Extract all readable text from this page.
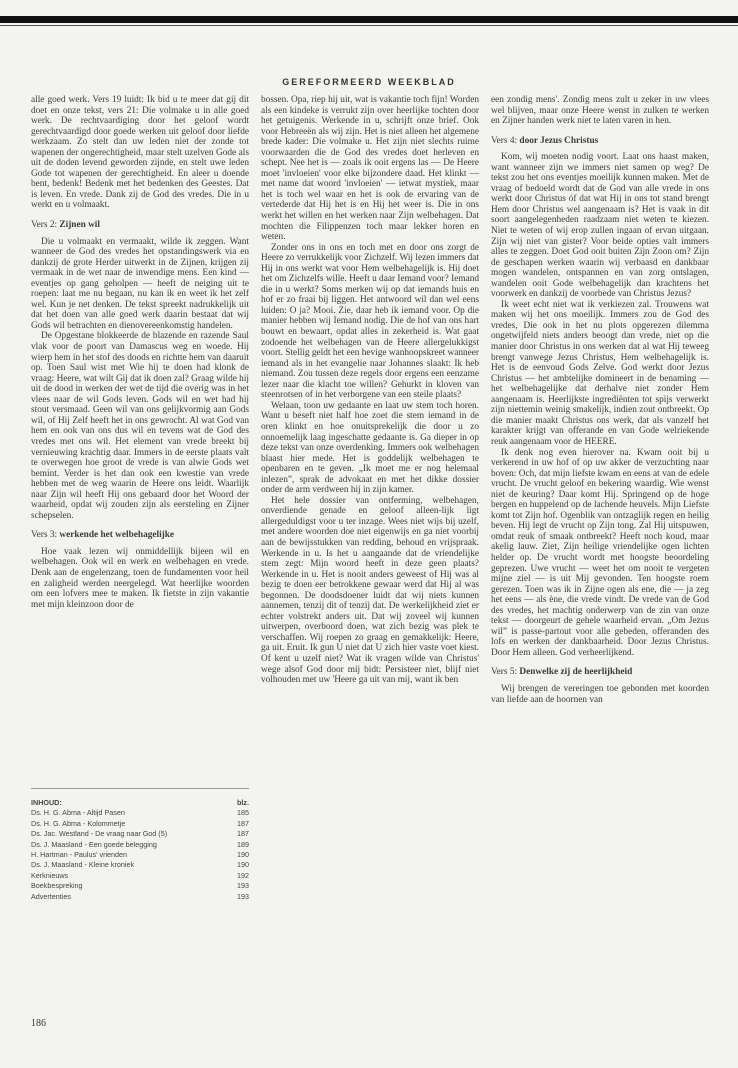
GEREFORMEERD WEEKBLAD

alle goed werk. Vers 19 luidt: Ik bid u te meer dat gij dit doet en onze tekst, vers 21: Die volmake u in alle goed werk. De rechtvaardiging door het geloof wordt gerechtvaardigd door goede werken uit geloof door liefde werkzaam. Zo stelt dan uw leden niet der zonde tot wapenen der ongerechtigheid, maar stelt uzelven Gode als uit de doden levend geworden zijnde, en stelt uwe leden Gode tot wapenen der gerechtigheid. En aleer u doende bent, bedenk! Bedenk met het bedenken des Geestes. Dat is leven. En vrede. Dank zij de God des vredes. Die in u werkt en u volmaakt.

Vers 2: Zijnen wil

Die u volmaakt en vermaakt, wilde ik zeggen. Want wanneer de God des vredes het opstandingswerk via en dankzij de grote Herder uitwerkt in de Zijnen, krijgen zij vermaak in de wet naar de inwendige mens. Een kind — eventjes op gang geholpen — heeft de neiging uit te roepen: laat me nu begaan, nu kan ik en weet ik het zelf wel. Kun je net denken. De tekst spreekt nadrukkelijk uit dat het doen van alle goed werk daarin bestaat dat wij Gods wil betrachten en dienovereenkomstig handelen.

De Opgestane blokkeerde de blazende en razende Saul vlak voor de poort van Damascus weg en woede. Hij wierp hem in het stof des doods en richtte hem van daaruit op. Toen Saul wist met Wie hij te doen had klonk de vraag: Heere, wat wilt Gij dat ik doen zal? Graag wilde hij uit de dood in werken der wet de tijd die overig was in het vlees naar de wil Gods leven. Gods wil en wet had hij stout versmaad. Geen wil van ons gelijkvormig aan Gods wil, of Hij Zelf heeft het in ons gewrocht. Al wat God van hem en ook van ons dus wil en tevens wat de God des vredes met ons wil. Het element van vrede breekt bij vernieuwing krachtig daar. Immers in de eerste plaats valt te overwegen hoe groot de vrede is van alwie Gods wet bemint. Verder is het dan ook een kwestie van vrede hebben met de weg waarin de Heere ons leidt. Waarlijk naar Zijn wil heeft Hij ons gebaard door het Woord der waarheid, opdat wij zouden zijn als eersteling en Zijner schepselen.

Vers 3: werkende het welbehagelijke

Hoe vaak lezen wij onmiddellijk bijeen wil en welbehagen. Ook wil en werk en welbehagen en vrede. Denk aan de engelenzang, toen de fundamenten voor heil en zaligheid werden neergelegd. Wat heerlijke woorden om een lofvers mee te maken. Ik fietste in zijn vakantie met mijn kleinzoon door de

INHOUD:	blz.
Ds. H. G. Abma - Altijd Pasen	185
Ds. H. G. Abma - Kolommetje	187
Ds. Jac. Westland - De vraag naar God (5)	187
Ds. J. Maasland - Een goede belegging	189
H. Hartman - Paulus' vrienden	190
Ds. J. Maasland - Kleine kroniek	190
Kerknieuws	192
Boekbespreking	193
Advertenties	193
186

bossen. Opa, riep hij uit, wat is vakantie toch fijn! Worden als een kindeke is verrukt zijn over heerlijke tochten door het getuigenis. Werkende in u, schrijft onze brief. Ook voor Hebreeën als wij zijn. Het is niet alleen het algemene brede kader: Die volmake u. Het zijn niet slechts ruime voorwaarden die de God des vredes doet herleven en schept. Nee het is — zoals ik ooit ergens las — De Heere moet 'invloeien' voor elke bijzondere daad. Het klinkt — met name dat woord 'invloeien' — ietwat mystiek, maar het is toch wel waar en het is ook de ervaring van de vertederde dat Hij het is en Hij het weer is. Die in ons werkt het willen en het werken naar Zijn welbehagen. Dat mochten die Filippenzen toch maar lekker horen en weten.

Zonder ons in ons en toch met en door ons zorgt de Heere zo verrukkelijk voor Zichzelf. Wij lezen immers dat Hij in ons werkt wat voor Hem welbehagelijk is. Hij doet het om Zichzelfs wille. Heeft u daar Iemand voor? Iemand die in u werkt? Soms merken wij op dat iemands huis en hof er zo fraai bij liggen. Het antwoord wil dan wel eens luiden: O ja? Mooi. Zie, daar heb ik iemand voor. Op die manier hebben wij Iemand nodig. Die de hof van ons hart bouwt en bewaart, opdat alles in zekerheid is. Wat gaat zodoende het welbehagen van de Heere allergelukkigst voort. Stellig geldt het een hevige wanhoopskreet wanneer iemand als in het evangelie naar Johannes slaakt: Ik heb niemand. Zou tussen deze regels door ergens een eenzame lezer naar die klacht toe willen? Gehurkt in kloven van steenrotsen of in het verborgene van een steile plaats?

Welaan, toon uw gedaante en laat uw stem toch horen. Want u beseft niet half hoe zoet die stem iemand in de oren klinkt en hoe onuitsprekelijk die door u zo onnoemelijk laag ingeschatte gedaante is. Ga dieper in op deze tekst van onze overdenking. Immers ook welbehagen blaast hier mede. Het is goddelijk welbehagen te openbaren en te geven. „Ik moet me er nog helemaal inlezen”, sprak de advokaat en met het dikke dossier onder de arm verdween hij in zijn kamer.

Het hele dossier van ontferming, welbehagen, onverdiende genade en geloof alleen-lijk ligt allergeduldigst voor u ter inzage. Wees niet wijs bij uzelf, met andere woorden doe niet eigenwijs en ga niet voorbij aan de bewijsstukken van redding, behoud en vrijspraak. Werkende in u. Is het u aangaande dat de vriendelijke stem zegt: Mijn woord heeft in deze geen plaats? Werkende in u. Het is nooit anders geweest of Hij was al bezig te doen eer betrokkene gewaar werd dat Hij al was begonnen. De doodsdoener luidt dat wij niets kunnen aannemen, tenzij dit of tenzij dat. De werkelijkheid ziet er echter volstrekt anders uit. Dat wij zoveel wij kunnen uitwerpen, overboord doen, wat zich bezig was plek te verschaffen. Wij roepen zo graag en gemakkelijk: Heere, ga uit. Eruit. Ik gun U niet dat U zich hier vaste voet kiest. Of kent u uzelf niet? Wat ik vragen wilde van Christus' wege alsof God door mij bidt: Persisteer niet, blijf niet volhouden met uw 'Heere ga uit van mij, want ik ben

een zondig mens'. Zondig mens zult u zeker in uw vlees wel blijven, maar onze Heere wenst in zulken te werken en Zijner handen werk niet te laten varen in hen.

Vers 4: door Jezus Christus

Kom, wij moeten nodig voort. Laat ons haast maken, want wanneer zijn we immers niet samen op weg? De tekst zou het ons eventjes moeilijk kunnen maken. Met de vraag of bedoeld wordt dat de God van alle vrede in ons werkt door Christus óf dat wat Hij in ons tot stand brengt Hem door Christus wel aangenaam is? Het is vaak in dit soort aangelegenheden raadzaam niet weten te kiezen. Niet te weten of wij erop zullen ingaan of ervan uitgaan. Zijn wij niet van gister? Voor beide opties valt immers alles te zeggen. Doet God ooit buiten Zijn Zoon om? Zijn de geschapen werken waarin wij verbaasd en dankbaar mogen wandelen, ontspannen en van zorg ontslagen, wandelen ooit Gode welbehagelijk dan krachtens het voorwerk en dankzij de voorbede van Christus Jezus?

Ik weet echt niet wat ik verkiezen zal. Trouwens wat maken wij het ons moeilijk. Immers zou de God des vredes, Die ook in het nu plots opgerezen dilemma ongetwijfeld niets anders beoogt dan vrede, niet op die manier door Christus in ons werken dat al wat Hij teweeg brengt vanwege Jezus Christus, Hem welbehagelijk is. Het is de eenvoud Gods Zelve. God werkt door Jezus Christus — het ambtelijke domineert in de benaming — het welbehagelijke dat derhalve niet zonder Hem aangenaam is. Heerlijkste ingrediënten tot spijs verwerkt zijn niettemin weinig smakelijk, indien zout ontbreekt. Op die manier maakt Christus ons werk, dat als vanzelf het karakter krijgt van offerande en van Gode welriekende reuk aangenaam voor de HEERE.

Ik denk nog even hierover na. Kwam ooit bij u verkerend in uw hof of op uw akker de verzuchting naar boven: Och, dat mijn liefste kwam en eens at van de edele vrucht. De vrucht geloof en bekering waardig. Wie wenst niet de keuring? Daar komt Hij. Springend op de hoge bergen en huppelend op de lachende heuvels. Mijn Liefste komt tot Zijn hof. Ogenblik van ontzaglijk regen en heilig beven. Hij legt de vrucht op Zijn tong. Zal Hij uitspuwen, omdat reuk of smaak ontbreekt? Heeft noch koud, maar akelig lauw. Ziet, Zijn heilige vriendelijke ogen lichten helder op. De vrucht wordt met hoogste beoordeling geprezen. Uwe vrucht — weet het om nooit te vergeten mijne ziel — is uit Mij gevonden. Ten hoogste roem gerezen. Toen was ik in Zijne ogen als ene, die — ja zeg het eens — als ène, die vrede vindt. De vrede van de God des vredes, het machtig onderwerp van de zin van onze tekst — doorgeurt de gehele waarheid ervan. „Om Jezus wil” is passe-partout voor alle gebeden, offeranden des lofs en werken der dankbaarheid. Door Jezus Christus. Door Hem alleen. God verheerlijkend.

Vers 5: Denwelke zij de heerlijkheid

Wij brengen de vereringen toe gebonden met koorden van liefde aan de hoornen van
